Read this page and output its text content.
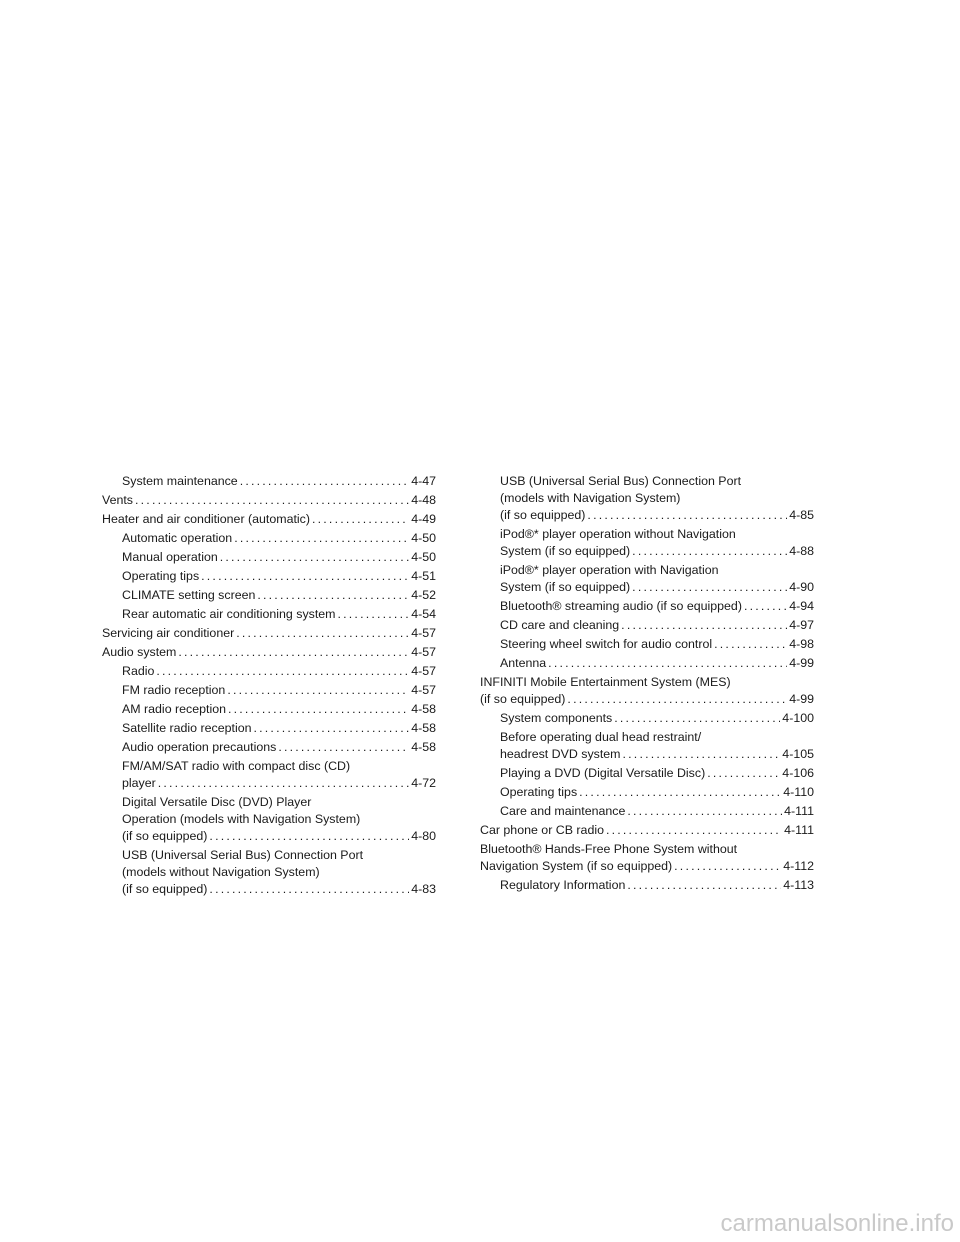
System maintenance .....	4-47
Vents .....	4-48
Heater and air conditioner (automatic) .....	4-49
Automatic operation .....	4-50
Manual operation .....	4-50
Operating tips .....	4-51
CLIMATE setting screen .....	4-52
Rear automatic air conditioning system .....	4-54
Servicing air conditioner .....	4-57
Audio system .....	4-57
Radio .....	4-57
FM radio reception .....	4-57
AM radio reception .....	4-58
Satellite radio reception .....	4-58
Audio operation precautions .....	4-58
FM/AM/SAT radio with compact disc (CD)
player .....	4-72
Digital Versatile Disc (DVD) Player
Operation (models with Navigation System)
(if so equipped) .....	4-80
USB (Universal Serial Bus) Connection Port
(models without Navigation System)
(if so equipped) .....	4-83
USB (Universal Serial Bus) Connection Port
(models with Navigation System)
(if so equipped) .....	4-85
iPod®* player operation without Navigation
System (if so equipped) .....	4-88
iPod®* player operation with Navigation
System (if so equipped) .....	4-90
Bluetooth® streaming audio (if so equipped) .....	4-94
CD care and cleaning .....	4-97
Steering wheel switch for audio control .....	4-98
Antenna .....	4-99
INFINITI Mobile Entertainment System (MES)
(if so equipped) .....	4-99
System components .....	4-100
Before operating dual head restraint/
headrest DVD system .....	4-105
Playing a DVD (Digital Versatile Disc) .....	4-106
Operating tips .....	4-110
Care and maintenance .....	4-111
Car phone or CB radio .....	4-111
Bluetooth® Hands-Free Phone System without
Navigation System (if so equipped) .....	4-112
Regulatory Information .....	4-113
carmanualsonline.info
